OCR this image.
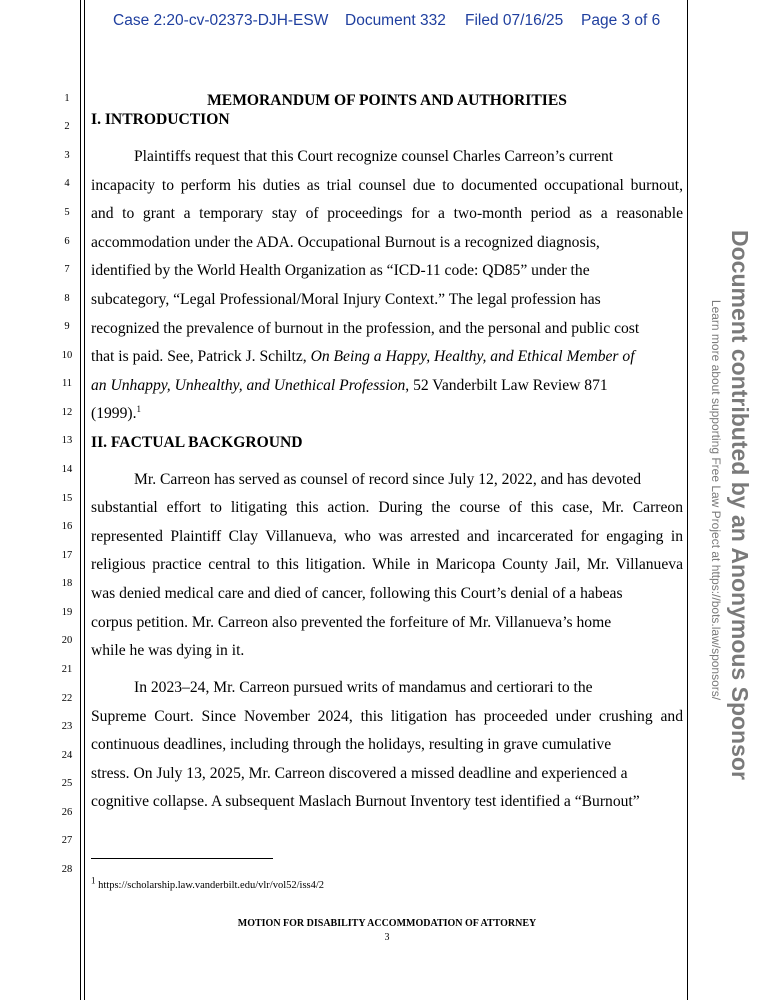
Case 2:20-cv-02373-DJH-ESW Document 332 Filed 07/16/25 Page 3 of 6
1
2
3
4
5
6
7
8
9
10
11
12
13
14
15
16
17
18
19
20
21
22
23
24
25
26
27
28
MEMORANDUM OF POINTS AND AUTHORITIES
I. INTRODUCTION
Plaintiffs request that this Court recognize counsel Charles Carreon’s current
incapacity to perform his duties as trial counsel due to documented occupational burnout,
and to grant a temporary stay of proceedings for a two-month period as a reasonable
accommodation under the ADA. Occupational Burnout is a recognized diagnosis,
identified by the World Health Organization as “ICD-11 code: QD85” under the
subcategory, “Legal Professional/Moral Injury Context.” The legal profession has
recognized the prevalence of burnout in the profession, and the personal and public cost
that is paid. See, Patrick J. Schiltz, On Being a Happy, Healthy, and Ethical Member of
an Unhappy, Unhealthy, and Unethical Profession, 52 Vanderbilt Law Review 871
(1999).$^1$
II. FACTUAL BACKGROUND
Mr. Carreon has served as counsel of record since July 12, 2022, and has devoted
substantial effort to litigating this action. During the course of this case, Mr. Carreon
represented Plaintiff Clay Villanueva, who was arrested and incarcerated for engaging in
religious practice central to this litigation. While in Maricopa County Jail, Mr. Villanueva
was denied medical care and died of cancer, following this Court’s denial of a habeas
corpus petition. Mr. Carreon also prevented the forfeiture of Mr. Villanueva’s home
while he was dying in it.
In 2023–24, Mr. Carreon pursued writs of mandamus and certiorari to the
Supreme Court. Since November 2024, this litigation has proceeded under crushing and
continuous deadlines, including through the holidays, resulting in grave cumulative
stress. On July 13, 2025, Mr. Carreon discovered a missed deadline and experienced a
cognitive collapse. A subsequent Maslach Burnout Inventory test identified a “Burnout”
$^1$ https://scholarship.law.vanderbilt.edu/vlr/vol52/iss4/2
MOTION FOR DISABILITY ACCOMMODATION OF ATTORNEY
3
Document contributed by an Anonymous Sponsor
Learn more about supporting Free Law Project at https://bots.law/sponsors/
